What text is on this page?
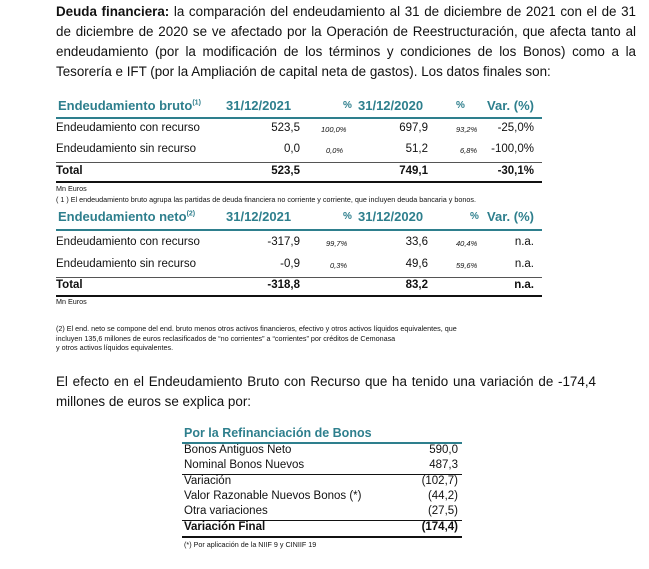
Deuda financiera: la comparación del endeudamiento al 31 de diciembre de 2021 con el de 31 de diciembre de 2020 se ve afectado por la Operación de Reestructuración, que afecta tanto al endeudamiento (por la modificación de los términos y condiciones de los Bonos) como a la Tesorería e IFT (por la Ampliación de capital neta de gastos). Los datos finales son:
Endeudamiento bruto$^{(1)}$ 31/12/2021	% 31/12/2020	% Var. (%)
Endeudamiento con recurso	523,5	100,0%	697,9	93,2% -25,0%
Endeudamiento sin recurso	0,0	0,0%	51,2	6,8% -100,0%
Total	523,5	749,1	-30,1%
Mn Euros
( 1 ) El endeudamiento bruto agrupa las partidas de deuda financiera no corriente y corriente, que incluyen deuda bancaria y bonos.
Endeudamiento neto$^{(2)}$ 31/12/2021	% 31/12/2020	% Var. (%)
Endeudamiento con recurso	-317,9	99,7%	33,6	40,4%	n.a.
Endeudamiento sin recurso	-0,9	0,3%	49,6	59,6%	n.a.
Total	-318,8	83,2	n.a.
Mn Euros
(2) El end. neto se compone del end. bruto menos otros activos financieros, efectivo y otros activos líquidos equivalentes, que
incluyen 135,6 millones de euros reclasificados de “no corrientes” a “corrientes” por créditos de Cemonasa
y otros activos líquidos equivalentes.
El efecto en el Endeudamiento Bruto con Recurso que ha tenido una variación de -174,4 millones de euros se explica por:
Por la Refinanciación de Bonos
Bonos Antiguos Neto	590,0
Nominal Bonos Nuevos	487,3
Variación	(102,7)
Valor Razonable Nuevos Bonos (*)	(44,2)
Otra variaciones	(27,5)
Variación Final	(174,4)
(*) Por aplicación de la NIIF 9 y CINIIF 19
